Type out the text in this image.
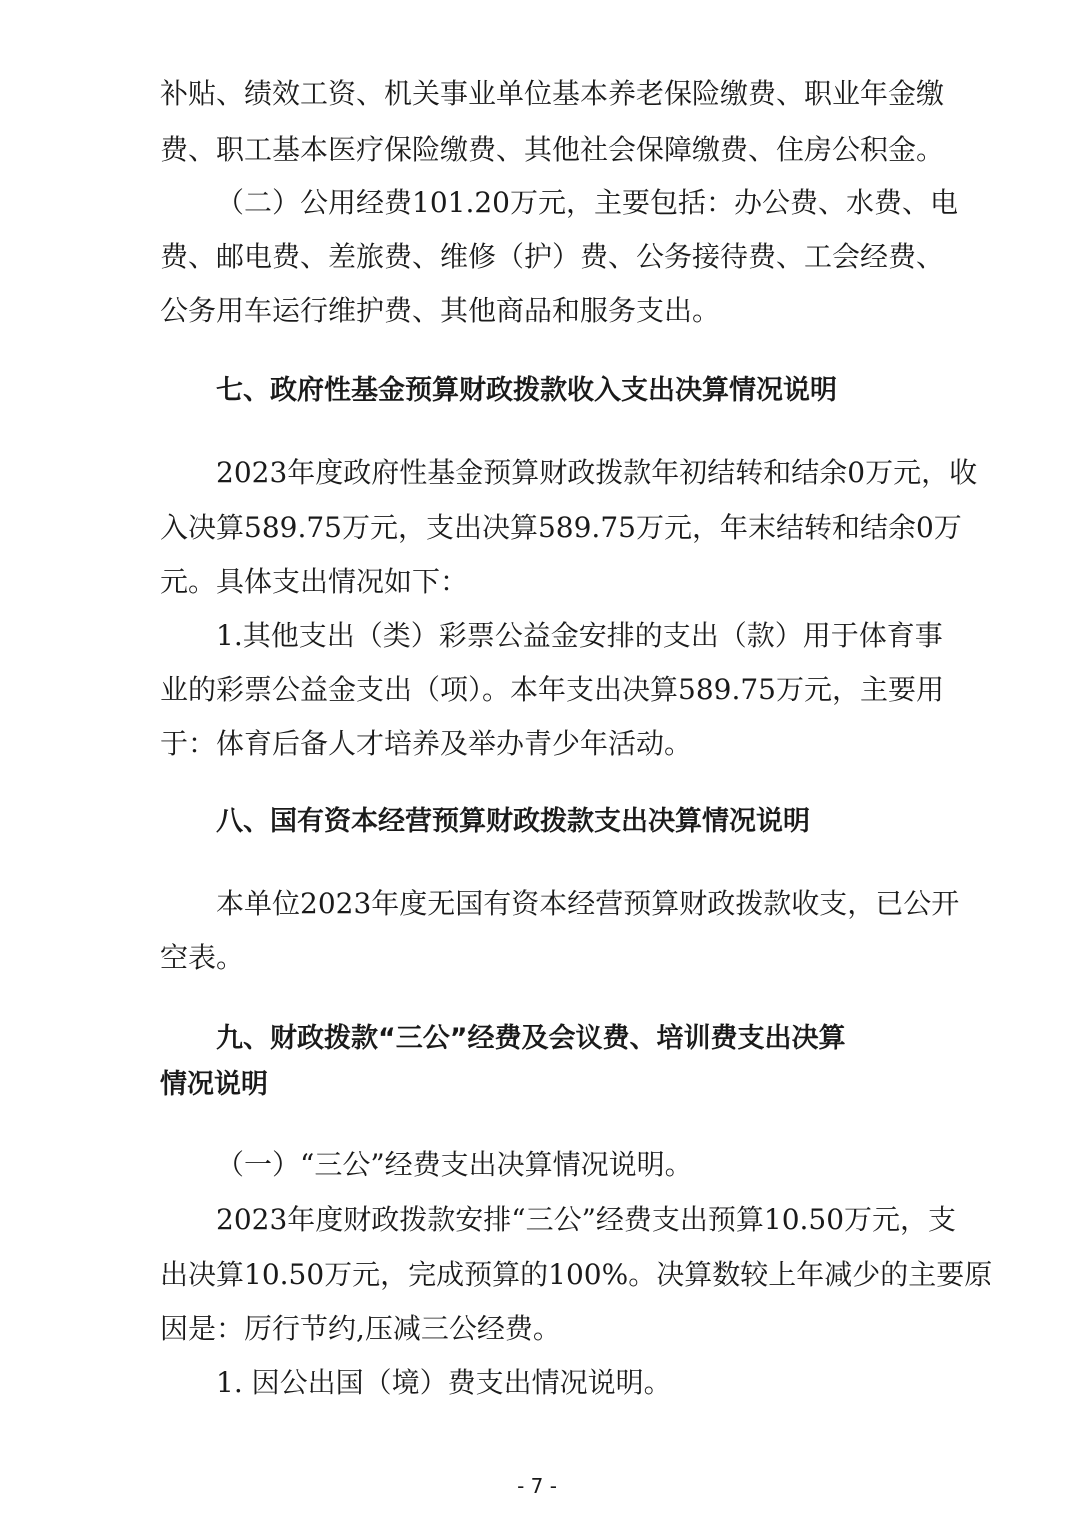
补贴、绩效工资、机关事业单位基本养老保险缴费、职业年金缴
费、职工基本医疗保险缴费、其他社会保障缴费、住房公积金。
（二）公用经费101.20万元，主要包括：办公费、水费、电
费、邮电费、差旅费、维修（护）费、公务接待费、工会经费、
公务用车运行维护费、其他商品和服务支出。
七、政府性基金预算财政拨款收入支出决算情况说明
2023年度政府性基金预算财政拨款年初结转和结余0万元，收
入决算589.75万元，支出决算589.75万元，年末结转和结余0万
元。具体支出情况如下：
1.其他支出（类）彩票公益金安排的支出（款）用于体育事
业的彩票公益金支出（项）。本年支出决算589.75万元，主要用
于：体育后备人才培养及举办青少年活动。
八、国有资本经营预算财政拨款支出决算情况说明
本单位2023年度无国有资本经营预算财政拨款收支，已公开
空表。
九、财政拨款“三公”经费及会议费、培训费支出决算
情况说明
（一）“三公”经费支出决算情况说明。
2023年度财政拨款安排“三公”经费支出预算10.50万元，支
出决算10.50万元，完成预算的100%。决算数较上年减少的主要原
因是：厉行节约,压减三公经费。
1. 因公出国（境）费支出情况说明。
- 7 -
